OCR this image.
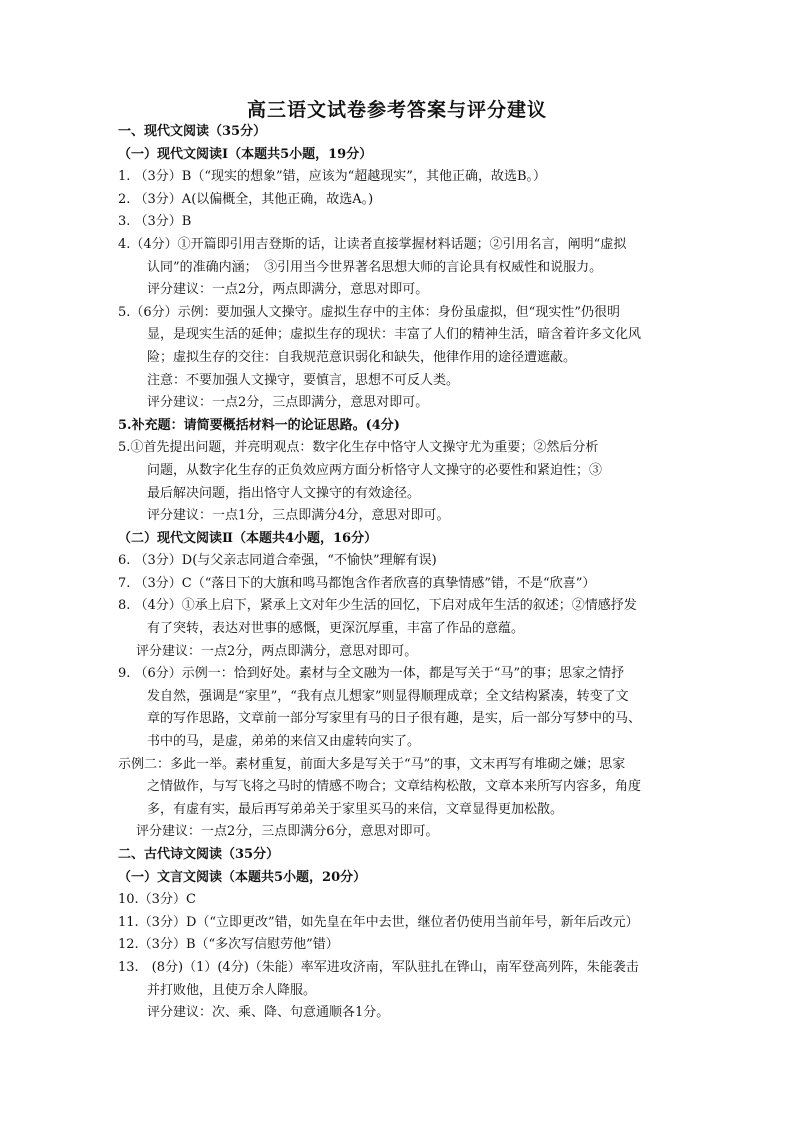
高三语文试卷参考答案与评分建议
一、现代文阅读（35分）
（一）现代文阅读Ⅰ（本题共5小题，19分）
1. （3分）B（“现实的想象”错，应该为“超越现实”，其他正确，故选B。）
2. （3分）A(以偏概全，其他正确，故选A。)
3. （3分）B
4.（4分）①开篇即引用吉登斯的话，让读者直接掌握材料话题；②引用名言，阐明“虚拟
认同”的准确内涵；　③引用当今世界著名思想大师的言论具有权威性和说服力。
评分建议：一点2分，两点即满分，意思对即可。
5.（6分）示例：要加强人文操守。虚拟生存中的主体：身份虽虚拟，但“现实性”仍很明
显，是现实生活的延伸；虚拟生存的现状：丰富了人们的精神生活，暗含着许多文化风
险；虚拟生存的交往：自我规范意识弱化和缺失，他律作用的途径遭遮蔽。
注意：不要加强人文操守，要慎言，思想不可反人类。
评分建议：一点2分，三点即满分，意思对即可。
5.补充题：请简要概括材料一的论证思路。(4分)
5.①首先提出问题，并亮明观点：数字化生存中恪守人文操守尤为重要；②然后分析
问题，从数字化生存的正负效应两方面分析恪守人文操守的必要性和紧迫性；③
最后解决问题，指出恪守人文操守的有效途径。
评分建议：一点1分，三点即满分4分，意思对即可。
（二）现代文阅读Ⅱ（本题共4小题，16分）
6. （3分）D(与父亲志同道合牵强，“不愉快”理解有误)
7. （3分）C（“落日下的大旗和鸣马都饱含作者欣喜的真挚情感”错，不是“欣喜”）
8. （4分）①承上启下，紧承上文对年少生活的回忆，下启对成年生活的叙述；②情感抒发
有了突转，表达对世事的感慨，更深沉厚重，丰富了作品的意蕴。
评分建议：一点2分，两点即满分，意思对即可。
9. （6分）示例一：恰到好处。素材与全文融为一体，都是写关于“马”的事；思家之情抒
发自然，强调是“家里”，“我有点儿想家”则显得顺理成章；全文结构紧凑，转变了文
章的写作思路，文章前一部分写家里有马的日子很有趣，是实，后一部分写梦中的马、
书中的马，是虚，弟弟的来信又由虚转向实了。
示例二：多此一举。素材重复，前面大多是写关于“马”的事，文末再写有堆砌之嫌；思家
之情做作，与写飞将之马时的情感不吻合；文章结构松散，文章本来所写内容多，角度
多，有虚有实，最后再写弟弟关于家里买马的来信，文章显得更加松散。
评分建议：一点2分，三点即满分6分，意思对即可。
二、古代诗文阅读（35分）
（一）文言文阅读（本题共5小题，20分）
10.（3分）C
11.（3分）D（“立即更改”错，如先皇在年中去世，继位者仍使用当前年号，新年后改元）
12.（3分）B（“多次写信慰劳他”错）
13.　(8分)（1）(4分)（朱能）率军进攻济南，军队驻扎在铧山，南军登高列阵，朱能袭击
并打败他，且使万余人降服。
评分建议：次、乘、降、句意通顺各1分。
